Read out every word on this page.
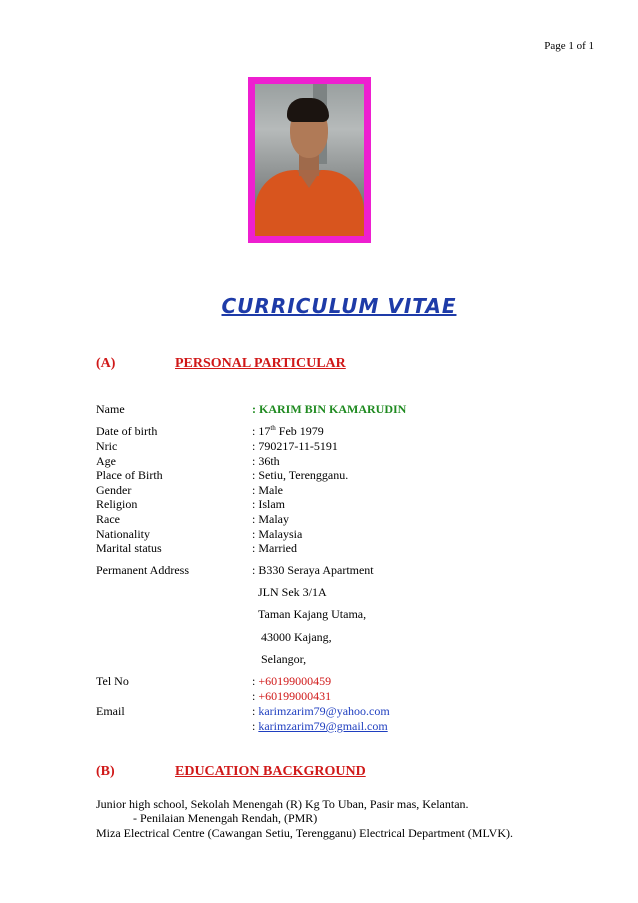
Page 1 of 1
CURRICULUM VITAE
(A)	PERSONAL PARTICULAR
Name	: KARIM BIN KAMARUDIN
Date of birth	: 17th Feb 1979
Nric	: 790217-11-5191
Age	: 36th
Place of Birth	: Setiu, Terengganu.
Gender	: Male
Religion	: Islam
Race	: Malay
Nationality	: Malaysia
Marital status	: Married
Permanent Address	: B330 Seraya Apartment
JLN Sek 3/1A
Taman Kajang Utama,
43000 Kajang,
Selangor,
Tel No	: +60199000459
: +60199000431
Email	: karimzarim79@yahoo.com
: karimzarim79@gmail.com
(B)	EDUCATION BACKGROUND
Junior high school, Sekolah Menengah (R) Kg To Uban, Pasir mas, Kelantan.
- Penilaian Menengah Rendah, (PMR)
Miza Electrical Centre (Cawangan Setiu, Terengganu) Electrical Department (MLVK).
